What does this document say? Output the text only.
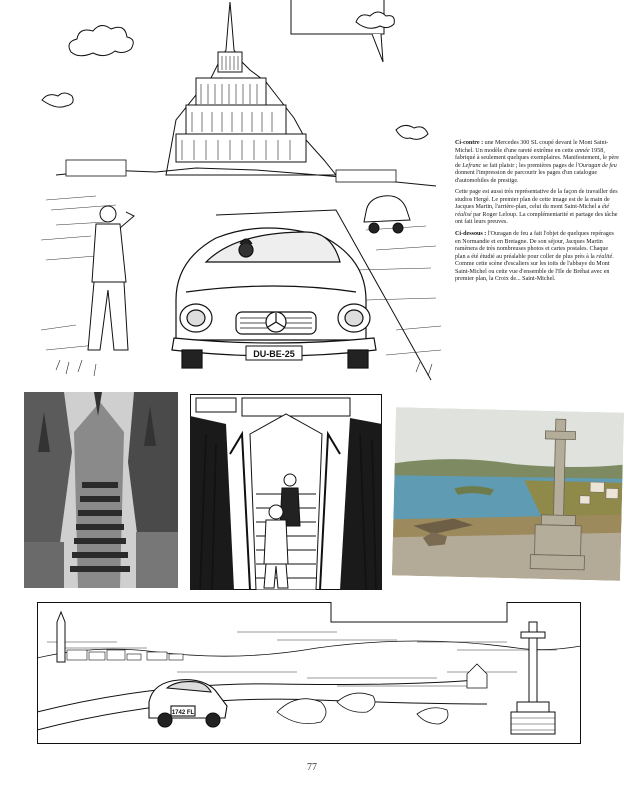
DU-BE-25

Ci-contre : une Mercedes 300 SL coupé devant le Mont Saint-Michel. Un modèle d'une rareté extrême en cette année 1958, fabriqué à seulement quelques exemplaires. Manifestement, le père de Lefranc se fait plaisir ; les premières pages de l'Ouragan de feu donnent l'impression de parcourir les pages d'un catalogue d'automobiles de prestige.

Cette page est aussi très représentative de la façon de travailler des studios Hergé. Le premier plan de cette image est de la main de Jacques Martin, l'arrière-plan, celui du mont Saint-Michel a été réalisé par Roger Leloup. La complémentarité et partage des tâche ont fait leurs preuves.

Ci-dessous : l'Ouragan de feu a fait l'objet de quelques repérages en Normandie et en Bretagne. De son séjour, Jacques Martin ramènera de très nombreuses photos et cartes postales. Chaque plan a été étudié au préalable pour coller de plus près à la réalité. Comme cette scène d'escaliers sur les toits de l'abbaye du Mont Saint-Michel ou cette vue d'ensemble de l'Ile de Bréhat avec en premier plan, la Croix de... Saint-Michel.

1742 FL
77
